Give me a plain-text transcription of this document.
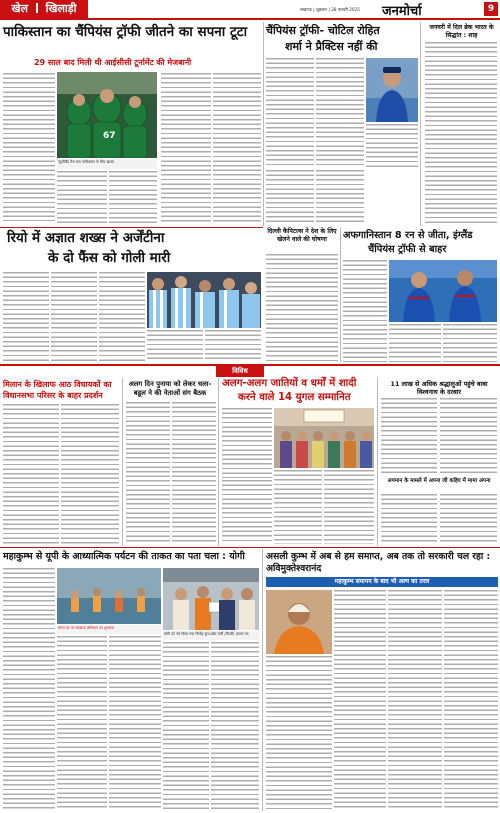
खेल खिलाड़ी	लखनऊ | शुक्रवार | 28 फरवरी 2025 जनमोर्चा	9
पाकिस्तान का चैंपियंस ट्रॉफी जीतने का सपना टूटा
29 साल बाद मिली थी आईसीसी टूर्नामेंट की मेजबानी
67
न्यूजीलैंड मैच बना पाकिस्तान के लिए खतरा
चैंपियंस ट्रॉफी- चोटिल रोहित
शर्मा ने प्रैक्टिस नहीं की
जनवरी में दिल ब्रेक भारत के सिद्धांत : शाह
रियो में अज्ञात शख्स ने अर्जेंटीना
के दो फैंस को गोली मारी
दिल्ली कैपिटल्स ने देश के लिए खेलने वाले की घोषणा	अफगानिस्तान 8 रन से जीता, इंग्लैंड
चैंपियंस ट्रॉफी से बाहर
विविध
मिलान के खिलाफ आठ विधायकों का विधानसभा परिसर के बाहर प्रदर्शन
अलग दिन पुनाया को लेकर चला-बडूल ने की नेताओं संग बैठक
अलग-अलग जातियों व धर्मों में शादी
करने वाले 14 युगल सम्मानित
11 लाख से अधिक श्रद्धालुओं पहुंचे बाबा विश्वनाथ के दरबार
अपमान के मामले में अपना जी कहिए में मामा अपना
महाकुम्भ से यूपी के आध्यात्मिक पर्यटन की ताकत का पता चला : योगी
संगम तट पर स्वच्छता अभियान का शुभारंभ
योगी को भेंट किया गया निर्मोह कुंभ-खेल वर्जी (फिर्जी) प्रमाण पत्र
असली कुम्भ में अब से हम समाप्त, अब तक तो सरकारी चल रहा : अविमुक्तेश्वरानंद
महाकुम्भ समापन के बाद भी अल्प का तरल
